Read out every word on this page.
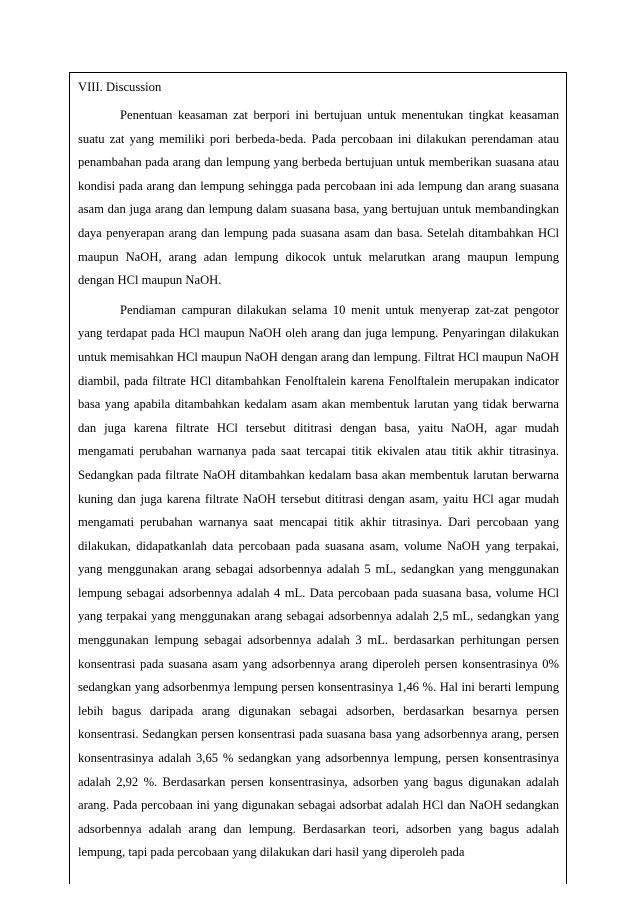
VIII. Discussion

Penentuan keasaman zat berpori ini bertujuan untuk menentukan tingkat keasaman suatu zat yang memiliki pori berbeda-beda. Pada percobaan ini dilakukan perendaman atau penambahan pada arang dan lempung yang berbeda bertujuan untuk memberikan suasana atau kondisi pada arang dan lempung sehingga pada percobaan ini ada lempung dan arang suasana asam dan juga arang dan lempung dalam suasana basa, yang bertujuan untuk membandingkan daya penyerapan arang dan lempung pada suasana asam dan basa. Setelah ditambahkan HCl maupun NaOH, arang adan lempung dikocok untuk melarutkan arang maupun lempung dengan HCl maupun NaOH.

Pendiaman campuran dilakukan selama 10 menit untuk menyerap zat-zat pengotor yang terdapat pada HCl maupun NaOH oleh arang dan juga lempung. Penyaringan dilakukan untuk memisahkan HCl maupun NaOH dengan arang dan lempung. Filtrat HCl maupun NaOH diambil, pada filtrate HCl ditambahkan Fenolftalein karena Fenolftalein merupakan indicator basa yang apabila ditambahkan kedalam asam akan membentuk larutan yang tidak berwarna dan juga karena filtrate HCl tersebut dititrasi dengan basa, yaitu NaOH, agar mudah mengamati perubahan warnanya pada saat tercapai titik ekivalen atau titik akhir titrasinya. Sedangkan pada filtrate NaOH ditambahkan kedalam basa akan membentuk larutan berwarna kuning dan juga karena filtrate NaOH tersebut dititrasi dengan asam, yaitu HCl agar mudah mengamati perubahan warnanya saat mencapai titik akhir titrasinya. Dari percobaan yang dilakukan, didapatkanlah data percobaan pada suasana asam, volume NaOH yang terpakai, yang menggunakan arang sebagai adsorbennya adalah 5 mL, sedangkan yang menggunakan lempung sebagai adsorbennya adalah 4 mL. Data percobaan pada suasana basa, volume HCl yang terpakai yang menggunakan arang sebagai adsorbennya adalah 2,5 mL, sedangkan yang menggunakan lempung sebagai adsorbennya adalah 3 mL. berdasarkan perhitungan persen konsentrasi pada suasana asam yang adsorbennya arang diperoleh persen konsentrasinya 0% sedangkan yang adsorbenmya lempung persen konsentrasinya 1,46 %. Hal ini berarti lempung lebih bagus daripada arang digunakan sebagai adsorben, berdasarkan besarnya persen konsentrasi. Sedangkan persen konsentrasi pada suasana basa yang adsorbennya arang, persen konsentrasinya adalah 3,65 % sedangkan yang adsorbennya lempung, persen konsentrasinya adalah 2,92 %. Berdasarkan persen konsentrasinya, adsorben yang bagus digunakan adalah arang. Pada percobaan ini yang digunakan sebagai adsorbat adalah HCl dan NaOH sedangkan adsorbennya adalah arang dan lempung. Berdasarkan teori, adsorben yang bagus adalah lempung, tapi pada percobaan yang dilakukan dari hasil yang diperoleh pada
